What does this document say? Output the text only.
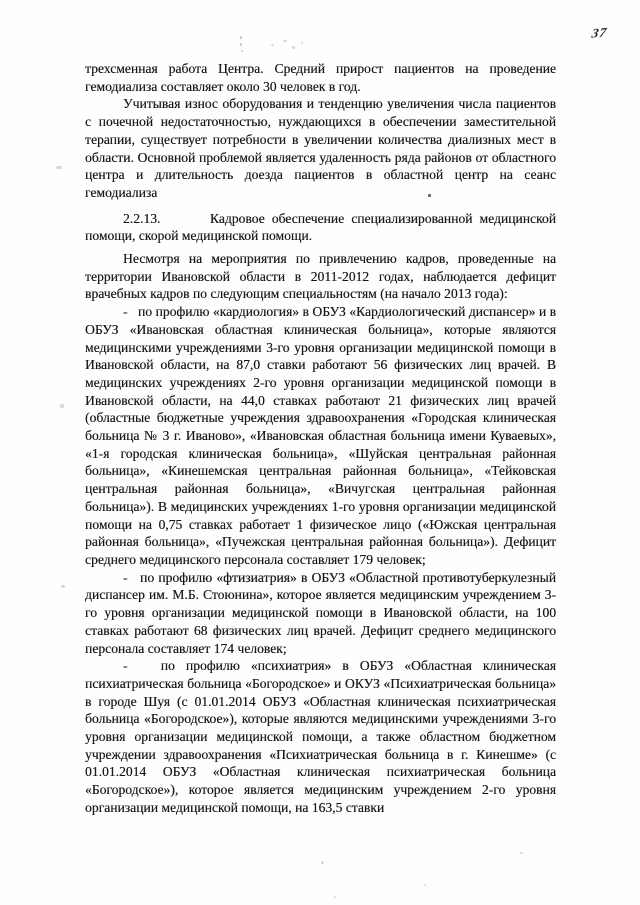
37

трехсменная работа Центра. Средний прирост пациентов на проведение гемодиализа составляет около 30 человек в год.

Учитывая износ оборудования и тенденцию увеличения числа пациентов с почечной недостаточностью, нуждающихся в обеспечении заместительной терапии, существует потребности в увеличении количества диализных мест в области. Основной проблемой является удаленность ряда районов от областного центра и длительность доезда пациентов в областной центр на сеанс гемодиализа

2.2.13.       Кадровое обеспечение специализированной медицинской помощи, скорой медицинской помощи.

Несмотря на мероприятия по привлечению кадров, проведенные на территории Ивановской области в 2011-2012 годах, наблюдается дефицит врачебных кадров по следующим специальностям (на начало 2013 года):

-   по профилю «кардиология» в ОБУЗ «Кардиологический диспансер» и в ОБУЗ «Ивановская областная клиническая больница», которые являются медицинскими учреждениями 3-го уровня организации медицинской помощи в Ивановской области, на 87,0 ставки работают 56 физических лиц врачей. В медицинских учреждениях 2-го уровня организации медицинской помощи в Ивановской области, на 44,0 ставках работают 21 физических лиц врачей (областные бюджетные учреждения здравоохранения «Городская клиническая больница № 3 г. Иваново», «Ивановская областная больница имени Куваевых», «1-я городская клиническая больница», «Шуйская центральная районная больница», «Кинешемская центральная районная больница», «Тейковская центральная районная больница», «Вичугская центральная районная больница»). В медицинских учреждениях 1-го уровня организации медицинской помощи на 0,75 ставках работает 1 физическое лицо («Южская центральная районная больница», «Пучежская центральная районная больница»). Дефицит среднего медицинского персонала составляет 179 человек;

-   по профилю «фтизиатрия» в ОБУЗ «Областной противотуберкулезный диспансер им. М.Б. Стоюнина», которое является медицинским учреждением 3-го уровня организации медицинской помощи в Ивановской области, на 100 ставках работают 68 физических лиц врачей. Дефицит среднего медицинского персонала составляет 174 человек;

-   по профилю «психиатрия» в ОБУЗ «Областная клиническая психиатрическая больница «Богородское» и ОКУЗ «Психиатрическая больница» в городе Шуя (с 01.01.2014 ОБУЗ «Областная клиническая психиатрическая больница «Богородское»), которые являются медицинскими учреждениями 3-го уровня организации медицинской помощи, а также областном бюджетном учреждении здравоохранения «Психиатрическая больница в г. Кинешме» (с 01.01.2014 ОБУЗ «Областная клиническая психиатрическая больница «Богородское»), которое является медицинским учреждением 2-го уровня организации медицинской помощи, на 163,5 ставки
